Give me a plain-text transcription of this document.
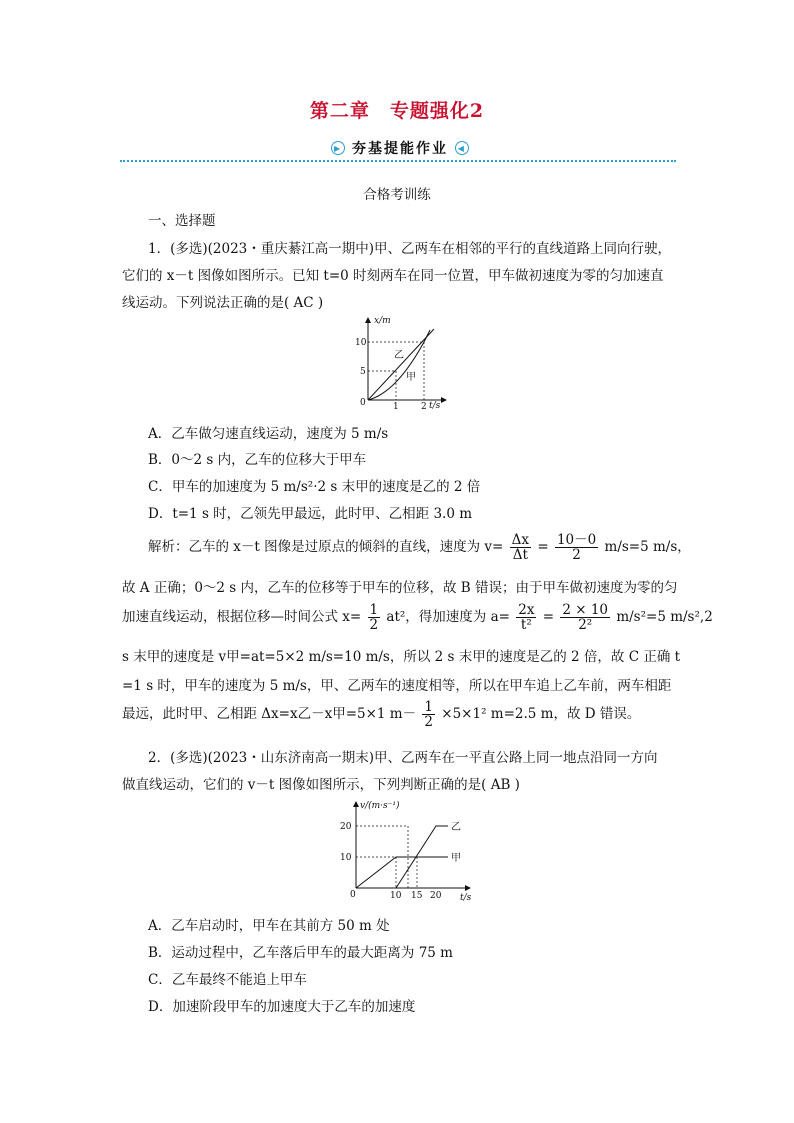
第二章　专题强化2
▶ 夯基提能作业 ◀
合格考训练
一、选择题
1．(多选)(2023・重庆綦江高一期中)甲、乙两车在相邻的平行的直线道路上同向行驶，
它们的 x－t 图像如图所示。已知 t=0 时刻两车在同一位置，甲车做初速度为零的匀加速直
线运动。下列说法正确的是( AC )
x/m
t/s
0
10
5
1 2
乙
甲
A．乙车做匀速直线运动，速度为 5 m/s
B．0～2 s 内，乙车的位移大于甲车
C．甲车的加速度为 5 m/s²·2 s 末甲的速度是乙的 2 倍
D．t=1 s 时，乙领先甲最远，此时甲、乙相距 3.0 m
解析：乙车的 x－t 图像是过原点的倾斜的直线，速度为 $v= \frac{\Delta x}{\Delta t} = \frac{10-0}{2} m/s=5$ m/s，
故 A 正确；0～2 s 内，乙车的位移等于甲车的位移，故 B 错误；由于甲车做初速度为零的匀
加速直线运动，根据位移—时间公式 $x= \frac{1}{2} at^2$，得加速度为 $a= \frac{2x}{\text{t²}} = \frac{2 \times 10}{\text{2²}} m/s^2=5$ m/s²,2
s 末甲的速度是 v甲=at=5×2 m/s=10 m/s，所以 2 s 末甲的速度是乙的 2 倍，故 C 正确 t
=1 s 时，甲车的速度为 5 m/s，甲、乙两车的速度相等，所以在甲车追上乙车前，两车相距
最远，此时甲、乙相距 Δx=x乙－x甲=5×1 $m- \frac{1}{2} \times 5\times 1^2$ m=2.5 m，故 D 错误。
2．(多选)(2023・山东济南高一期末)甲、乙两车在一平直公路上同一地点沿同一方向
做直线运动，它们的 v－t 图像如图所示，下列判断正确的是( AB )
v/(m·s⁻¹)
t/s
0
20
10
10 15 20
乙
甲
A．乙车启动时，甲车在其前方 50 m 处
B．运动过程中，乙车落后甲车的最大距离为 75 m
C．乙车最终不能追上甲车
D．加速阶段甲车的加速度大于乙车的加速度
